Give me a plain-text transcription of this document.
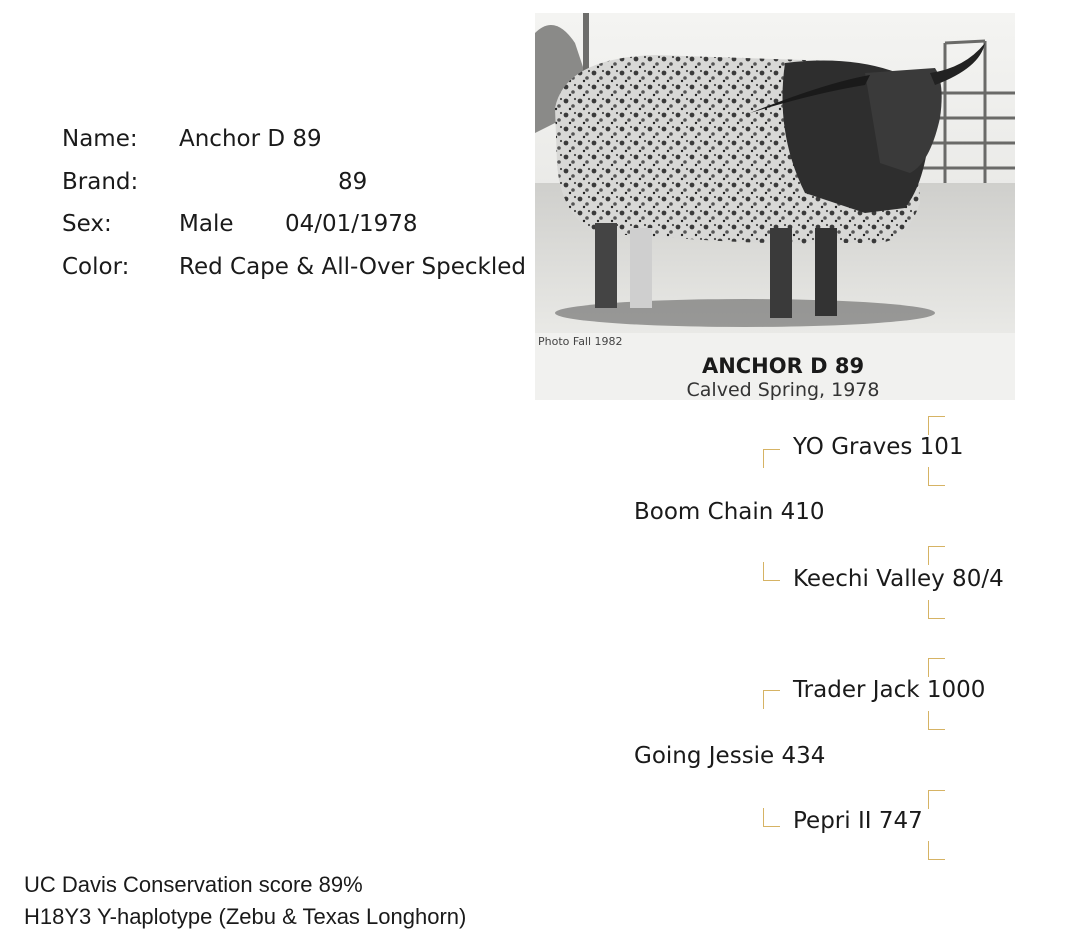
Name: Anchor D 89
Brand:	89
Sex:	Male 04/01/1978
Color: Red Cape & All-Over Speckled
Photo Fall 1982
ANCHOR D 89
Calved Spring, 1978
YO Graves 101
Boom Chain 410
Keechi Valley 80/4
Trader Jack 1000
Going Jessie 434
Pepri II 747
UC Davis Conservation score 89%
H18Y3 Y-haplotype (Zebu & Texas Longhorn)
